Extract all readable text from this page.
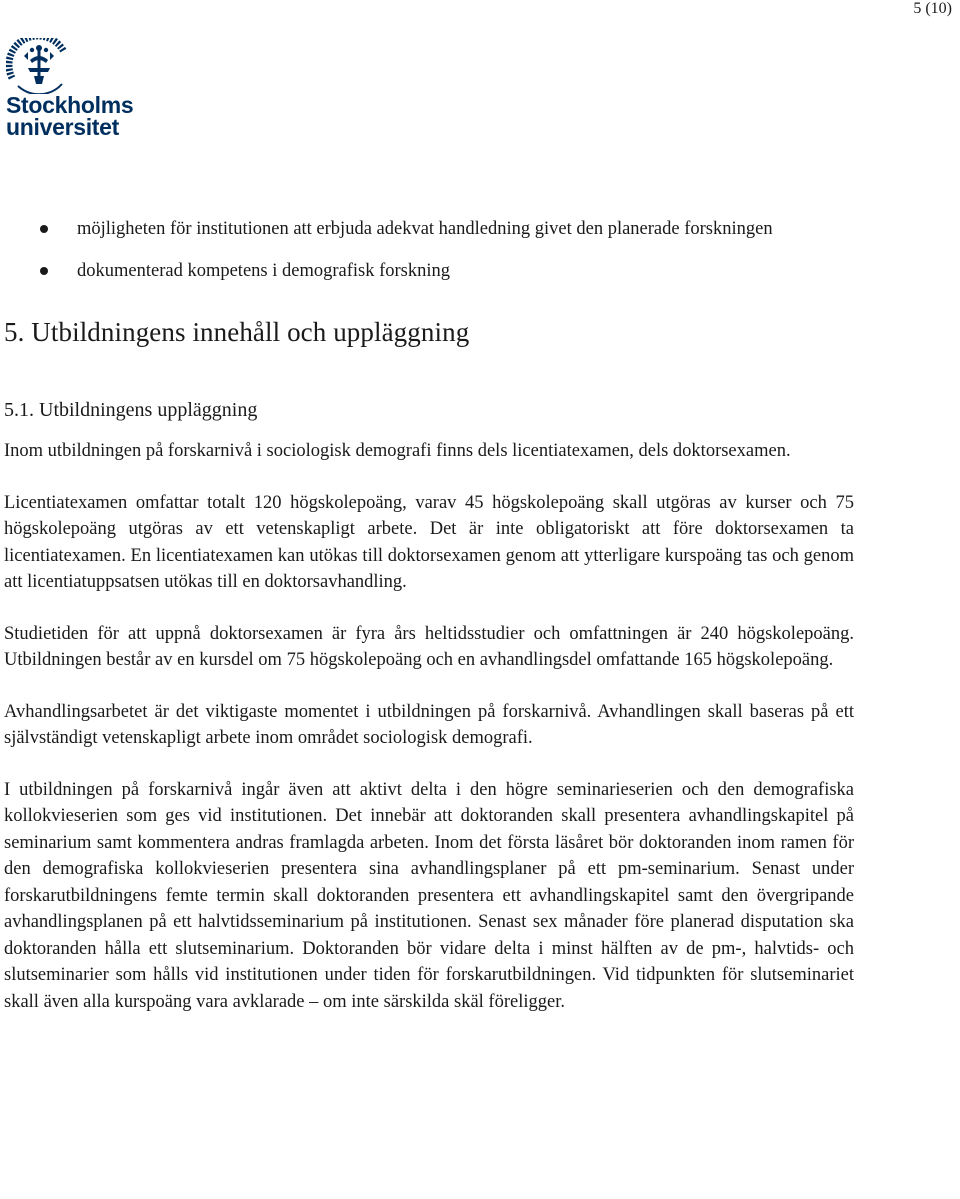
5 (10)
Stockholms
universitet
möjligheten för institutionen att erbjuda adekvat handledning givet den planerade forskningen
dokumenterad kompetens i demografisk forskning
5. Utbildningens innehåll och uppläggning
5.1. Utbildningens uppläggning

Inom utbildningen på forskarnivå i sociologisk demografi finns dels licentiatexamen, dels doktorsexamen.

Licentiatexamen omfattar totalt 120 högskolepoäng, varav 45 högskolepoäng skall utgöras av kurser och 75 högskolepoäng utgöras av ett vetenskapligt arbete. Det är inte obligatoriskt att före doktorsexamen ta licentiatexamen. En licentiatexamen kan utökas till doktorsexamen genom att ytterligare kurspoäng tas och genom att licentiatuppsatsen utökas till en doktorsavhandling.

Studietiden för att uppnå doktorsexamen är fyra års heltidsstudier och omfattningen är 240 högskolepoäng. Utbildningen består av en kursdel om 75 högskolepoäng och en avhandlingsdel omfattande 165 högskolepoäng.

Avhandlingsarbetet är det viktigaste momentet i utbildningen på forskarnivå. Avhandlingen skall baseras på ett självständigt vetenskapligt arbete inom området sociologisk demografi.

I utbildningen på forskarnivå ingår även att aktivt delta i den högre seminarieserien och den demografiska kollokvieserien som ges vid institutionen. Det innebär att doktoranden skall presentera avhandlingskapitel på seminarium samt kommentera andras framlagda arbeten. Inom det första läsåret bör doktoranden inom ramen för den demografiska kollokvieserien presentera sina avhandlingsplaner på ett pm-seminarium. Senast under forskarutbildningens femte termin skall doktoranden presentera ett avhandlingskapitel samt den övergripande avhandlingsplanen på ett halvtidsseminarium på institutionen. Senast sex månader före planerad disputation ska doktoranden hålla ett slutseminarium. Doktoranden bör vidare delta i minst hälften av de pm-, halvtids- och slutseminarier som hålls vid institutionen under tiden för forskarutbildningen. Vid tidpunkten för slutseminariet skall även alla kurspoäng vara avklarade – om inte särskilda skäl föreligger.
